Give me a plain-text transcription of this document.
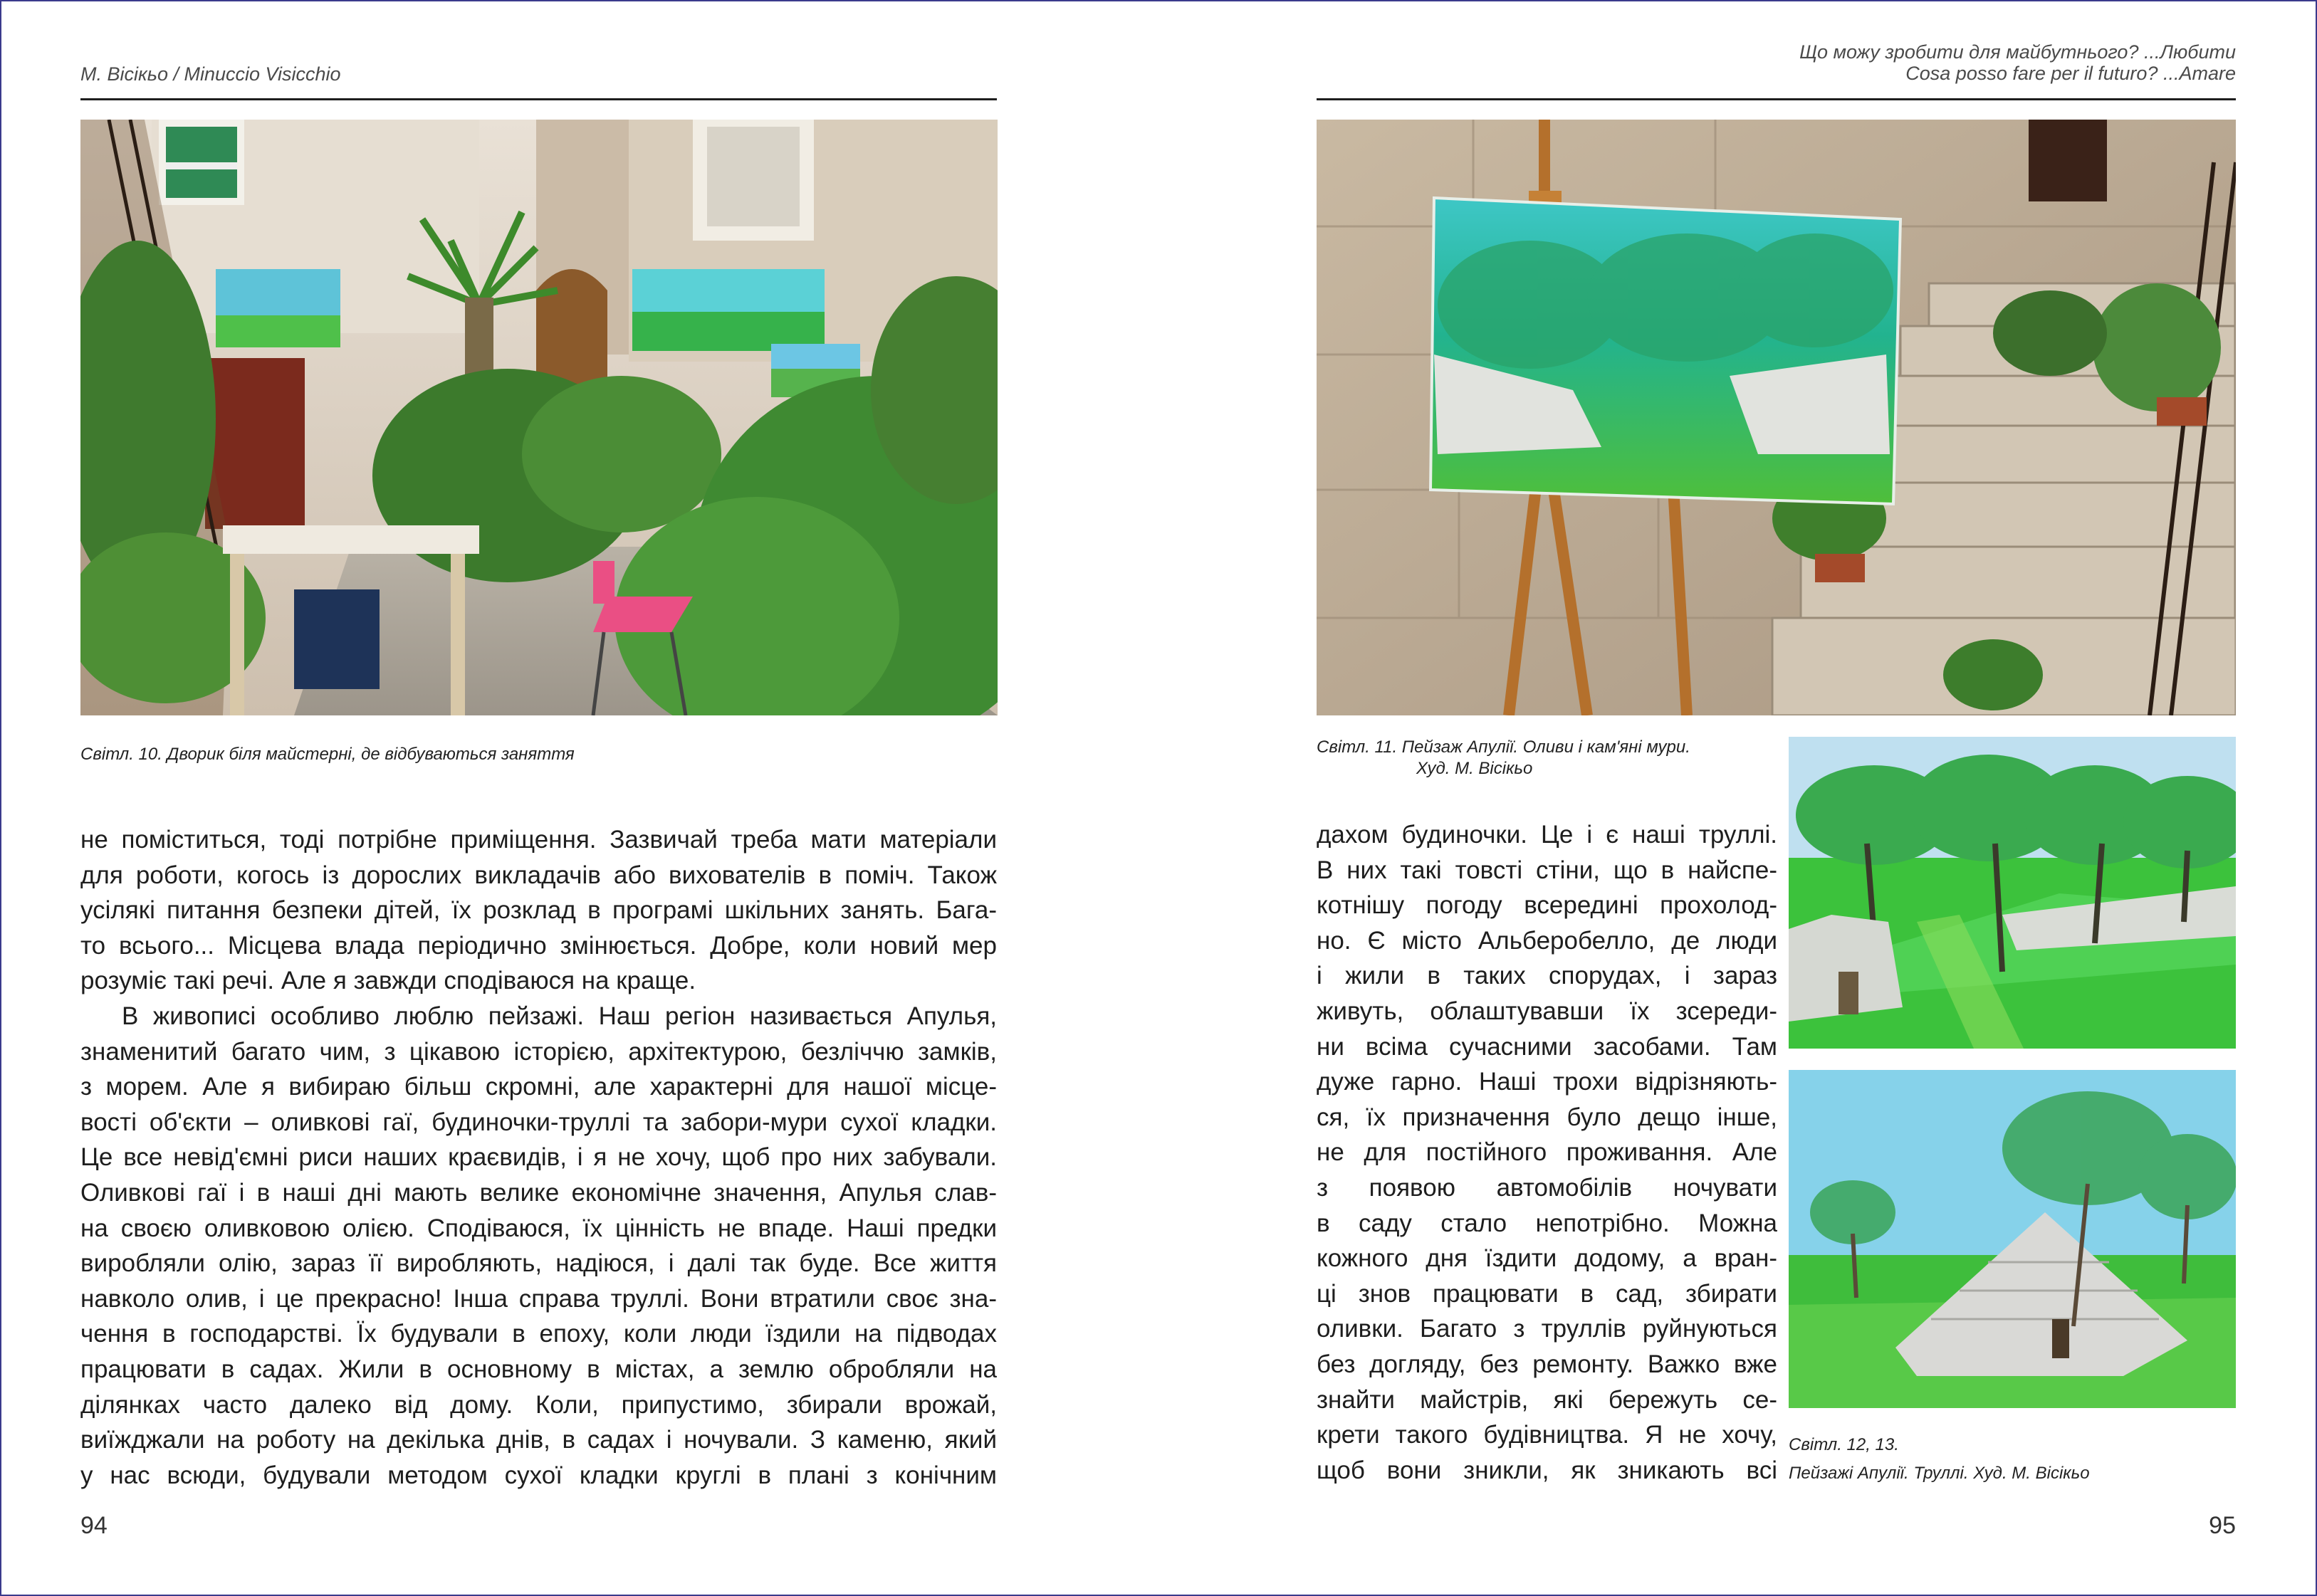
M. Вісікьо / Minuccio Visicchio
Світл. 10. Дворик біля майстерні, де відбуваються заняття
не поміститься, тоді потрібне приміщення. Зазвичай треба мати матеріали
для роботи, когось із дорослих викладачів або вихователів в поміч. Також
усілякі питання безпеки дітей, їх розклад в програмі шкільних занять. Бага-
то всього... Місцева влада періодично змінюється. Добре, коли новий мер
розуміє такі речі. Але я завжди сподіваюся на краще.
В живописі особливо люблю пейзажі. Наш регіон називається Апулья,
знаменитий багато чим, з цікавою історією, архітектурою, безліччю замків,
з морем. Але я вибираю більш скромні, але характерні для нашої місце-
вості об'єкти – оливкові гаї, будиночки-труллі та забори-мури сухої кладки.
Це все невід'ємні риси наших краєвидів, і я не хочу, щоб про них забували.
Оливкові гаї і в наші дні мають велике економічне значення, Апулья слав-
на своєю оливковою олією. Сподіваюся, їх цінність не впаде. Наші предки
виробляли олію, зараз її виробляють, надіюся, і далі так буде. Все життя
навколо олив, і це прекрасно! Інша справа труллі. Вони втратили своє зна-
чення в господарстві. Їх будували в епоху, коли люди їздили на підводах
працювати в садах. Жили в основному в містах, а землю обробляли на
ділянках часто далеко від дому. Коли, припустимо, збирали врожай,
виїжджали на роботу на декілька днів, в садах і ночували. З каменю, який
у нас всюди, будували методом сухої кладки круглі в плані з конічним
94
Що можу зробити для майбутнього? ...Любити
Cosa posso fare per il futuro? ...Amare
Світл. 11. Пейзаж Апулії. Оливи і кам'яні мури.
Худ. М. Вісікьо
дахом будиночки. Це і є наші труллі.
В них такі товсті стіни, що в найспе-
котнішу погоду всередині прохолод-
но. Є місто Альберобелло, де люди
і жили в таких спорудах, і зараз
живуть, облаштувавши їх зсереди-
ни всіма сучасними засобами. Там
дуже гарно. Наші трохи відрізняють-
ся, їх призначення було дещо інше,
не для постійного проживання. Але
з появою автомобілів ночувати
в саду стало непотрібно. Можна
кожного дня їздити додому, а вран-
ці знов працювати в сад, збирати
оливки. Багато з труллів руйнуються
без догляду, без ремонту. Важко вже
знайти майстрів, які бережуть се-
крети такого будівництва. Я не хочу,
щоб вони зникли, як зникають всі
Світл. 12, 13.
Пейзажі Апулії. Труллі. Худ. М. Вісікьо
95
